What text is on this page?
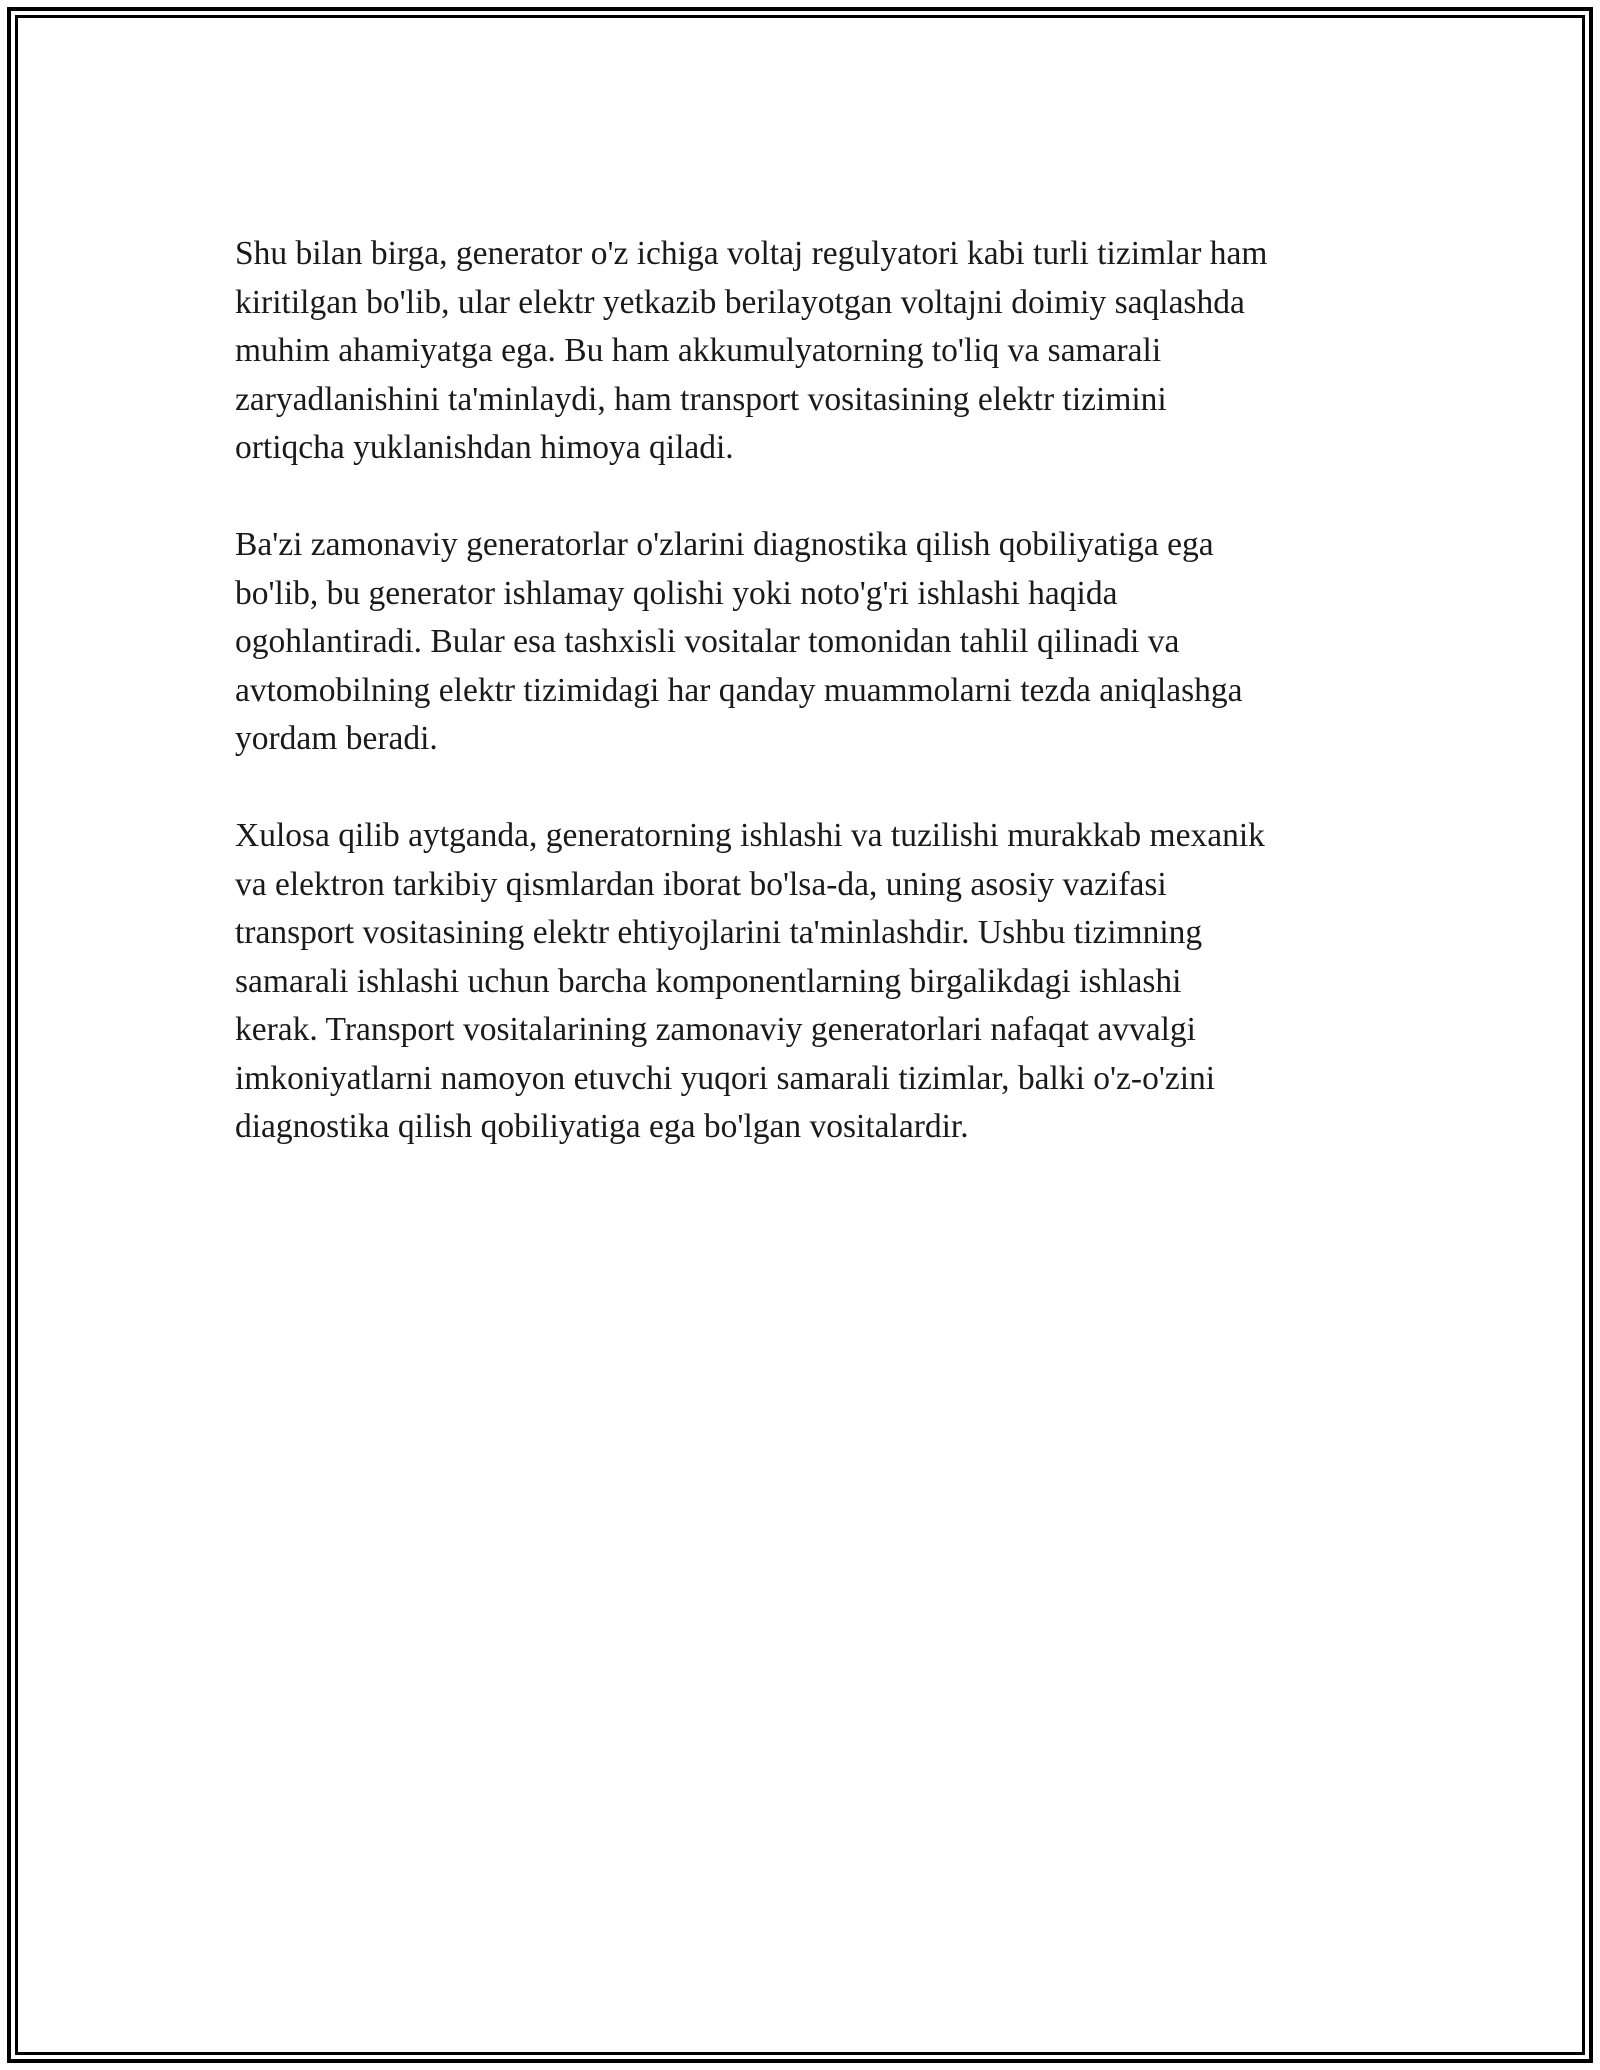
Shu bilan birga, generator o'z ichiga voltaj regulyatori kabi turli tizimlar ham
kiritilgan bo'lib, ular elektr yetkazib berilayotgan voltajni doimiy saqlashda
muhim ahamiyatga ega. Bu ham akkumulyatorning to'liq va samarali
zaryadlanishini ta'minlaydi, ham transport vositasining elektr tizimini
ortiqcha yuklanishdan himoya qiladi.

Ba'zi zamonaviy generatorlar o'zlarini diagnostika qilish qobiliyatiga ega
bo'lib, bu generator ishlamay qolishi yoki noto'g'ri ishlashi haqida
ogohlantiradi. Bular esa tashxisli vositalar tomonidan tahlil qilinadi va
avtomobilning elektr tizimidagi har qanday muammolarni tezda aniqlashga
yordam beradi.

Xulosa qilib aytganda, generatorning ishlashi va tuzilishi murakkab mexanik
va elektron tarkibiy qismlardan iborat bo'lsa-da, uning asosiy vazifasi
transport vositasining elektr ehtiyojlarini ta'minlashdir. Ushbu tizimning
samarali ishlashi uchun barcha komponentlarning birgalikdagi ishlashi
kerak. Transport vositalarining zamonaviy generatorlari nafaqat avvalgi
imkoniyatlarni namoyon etuvchi yuqori samarali tizimlar, balki o'z-o'zini
diagnostika qilish qobiliyatiga ega bo'lgan vositalardir.
